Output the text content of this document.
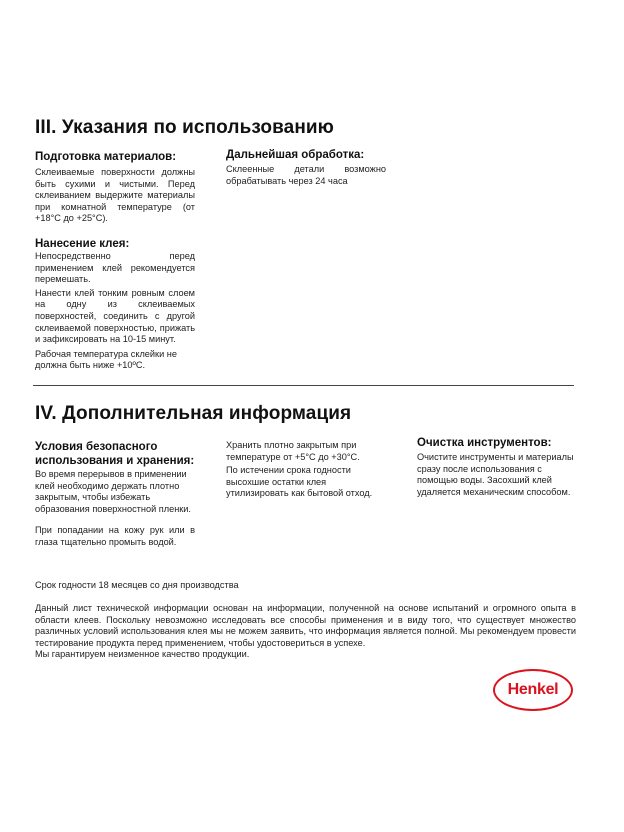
III. Указания по использованию
Подготовка материалов:
Склеиваемые поверхности должны быть сухими и чистыми. Перед склеиванием выдержите материалы при комнатной температуре (от +18°С до +25°С).
Нанесение клея:
Непосредственно перед применением клей рекомендуется перемешать.
Нанести клей тонким ровным слоем на одну из склеиваемых поверхностей, соединить с другой склеиваемой поверхностью, прижать и зафиксировать на 10-15 минут.
Рабочая температура склейки не должна быть ниже +10ºС.
Дальнейшая обработка:
Склеенные детали возможно обрабатывать через 24 часа
IV. Дополнительная информация
Условия безопасного использования и хранения:
Во время перерывов в применении клей необходимо держать плотно закрытым, чтобы избежать образования поверхностной пленки.
При попадании на кожу рук или в глаза тщательно промыть водой.
Хранить плотно закрытым при температуре от +5°С до +30°С.
По истечении срока годности высохшие остатки клея утилизировать как бытовой отход.
Очистка инструментов:
Очистите инструменты и материалы сразу после использования с помощью воды. Засохший клей удаляется механическим способом.
Срок годности 18 месяцев со дня производства
Данный лист технической информации основан на информации, полученной на основе испытаний и огромного опыта в области клеев. Поскольку невозможно исследовать все способы применения и в виду того, что существует множество различных условий использования клея мы не можем заявить, что информация является полной. Мы рекомендуем провести тестирование продукта перед применением, чтобы удостовериться в успехе.
Мы гарантируем неизменное качество продукции.
Henkel
